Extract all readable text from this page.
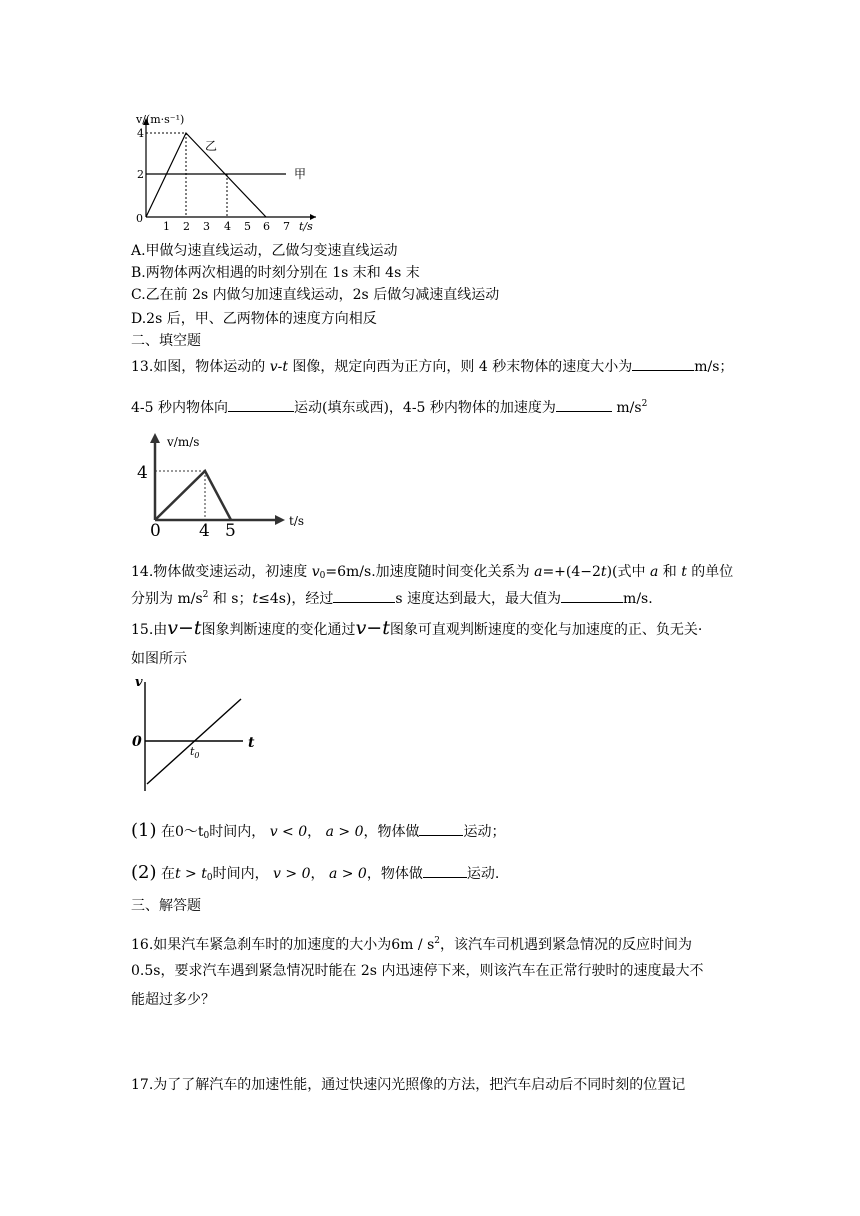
v/(m·s⁻¹)
4
2
0
1 2 3 4 5 6 7 t/s
乙
甲
A.甲做匀速直线运动，乙做匀变速直线运动
B.两物体两次相遇的时刻分别在 1s 末和 4s 末
C.乙在前 2s 内做匀加速直线运动，2s 后做匀减速直线运动
D.2s 后，甲、乙两物体的速度方向相反
二、填空题
13.如图，物体运动的 v-t 图像，规定向西为正方向，则 4 秒末物体的速度大小为	m/s；
4-5 秒内物体向	运动(填东或西)，4-5 秒内物体的加速度为	$m/s^2$
v/m/s
4
0 4 5	t/s
14.物体做变速运动，初速度 $v_0=6m/s$.加速度随时间变化关系为 a=+(4−2t)(式中 a 和 t 的单位
分别为 $m/s^2$ 和 s；t≤4s)，经过	s 速度达到最大，最大值为	m/s.
15.由v−t图象判断速度的变化通过v−t图象可直观判断速度的变化与加速度的正、负无关·
如图所示
v
0	t
$t_0$
(1) 在$0\sim t_0$时间内， v < 0， a > 0，物体做	运动；
(2) 在$t > t_0$时间内， v > 0， a > 0，物体做	运动.
三、解答题
16.如果汽车紧急刹车时的加速度的大小为$6m / s^2$，该汽车司机遇到紧急情况的反应时间为
0.5s，要求汽车遇到紧急情况时能在 2s 内迅速停下来，则该汽车在正常行驶时的速度最大不
能超过多少？
17.为了了解汽车的加速性能，通过快速闪光照像的方法，把汽车启动后不同时刻的位置记
